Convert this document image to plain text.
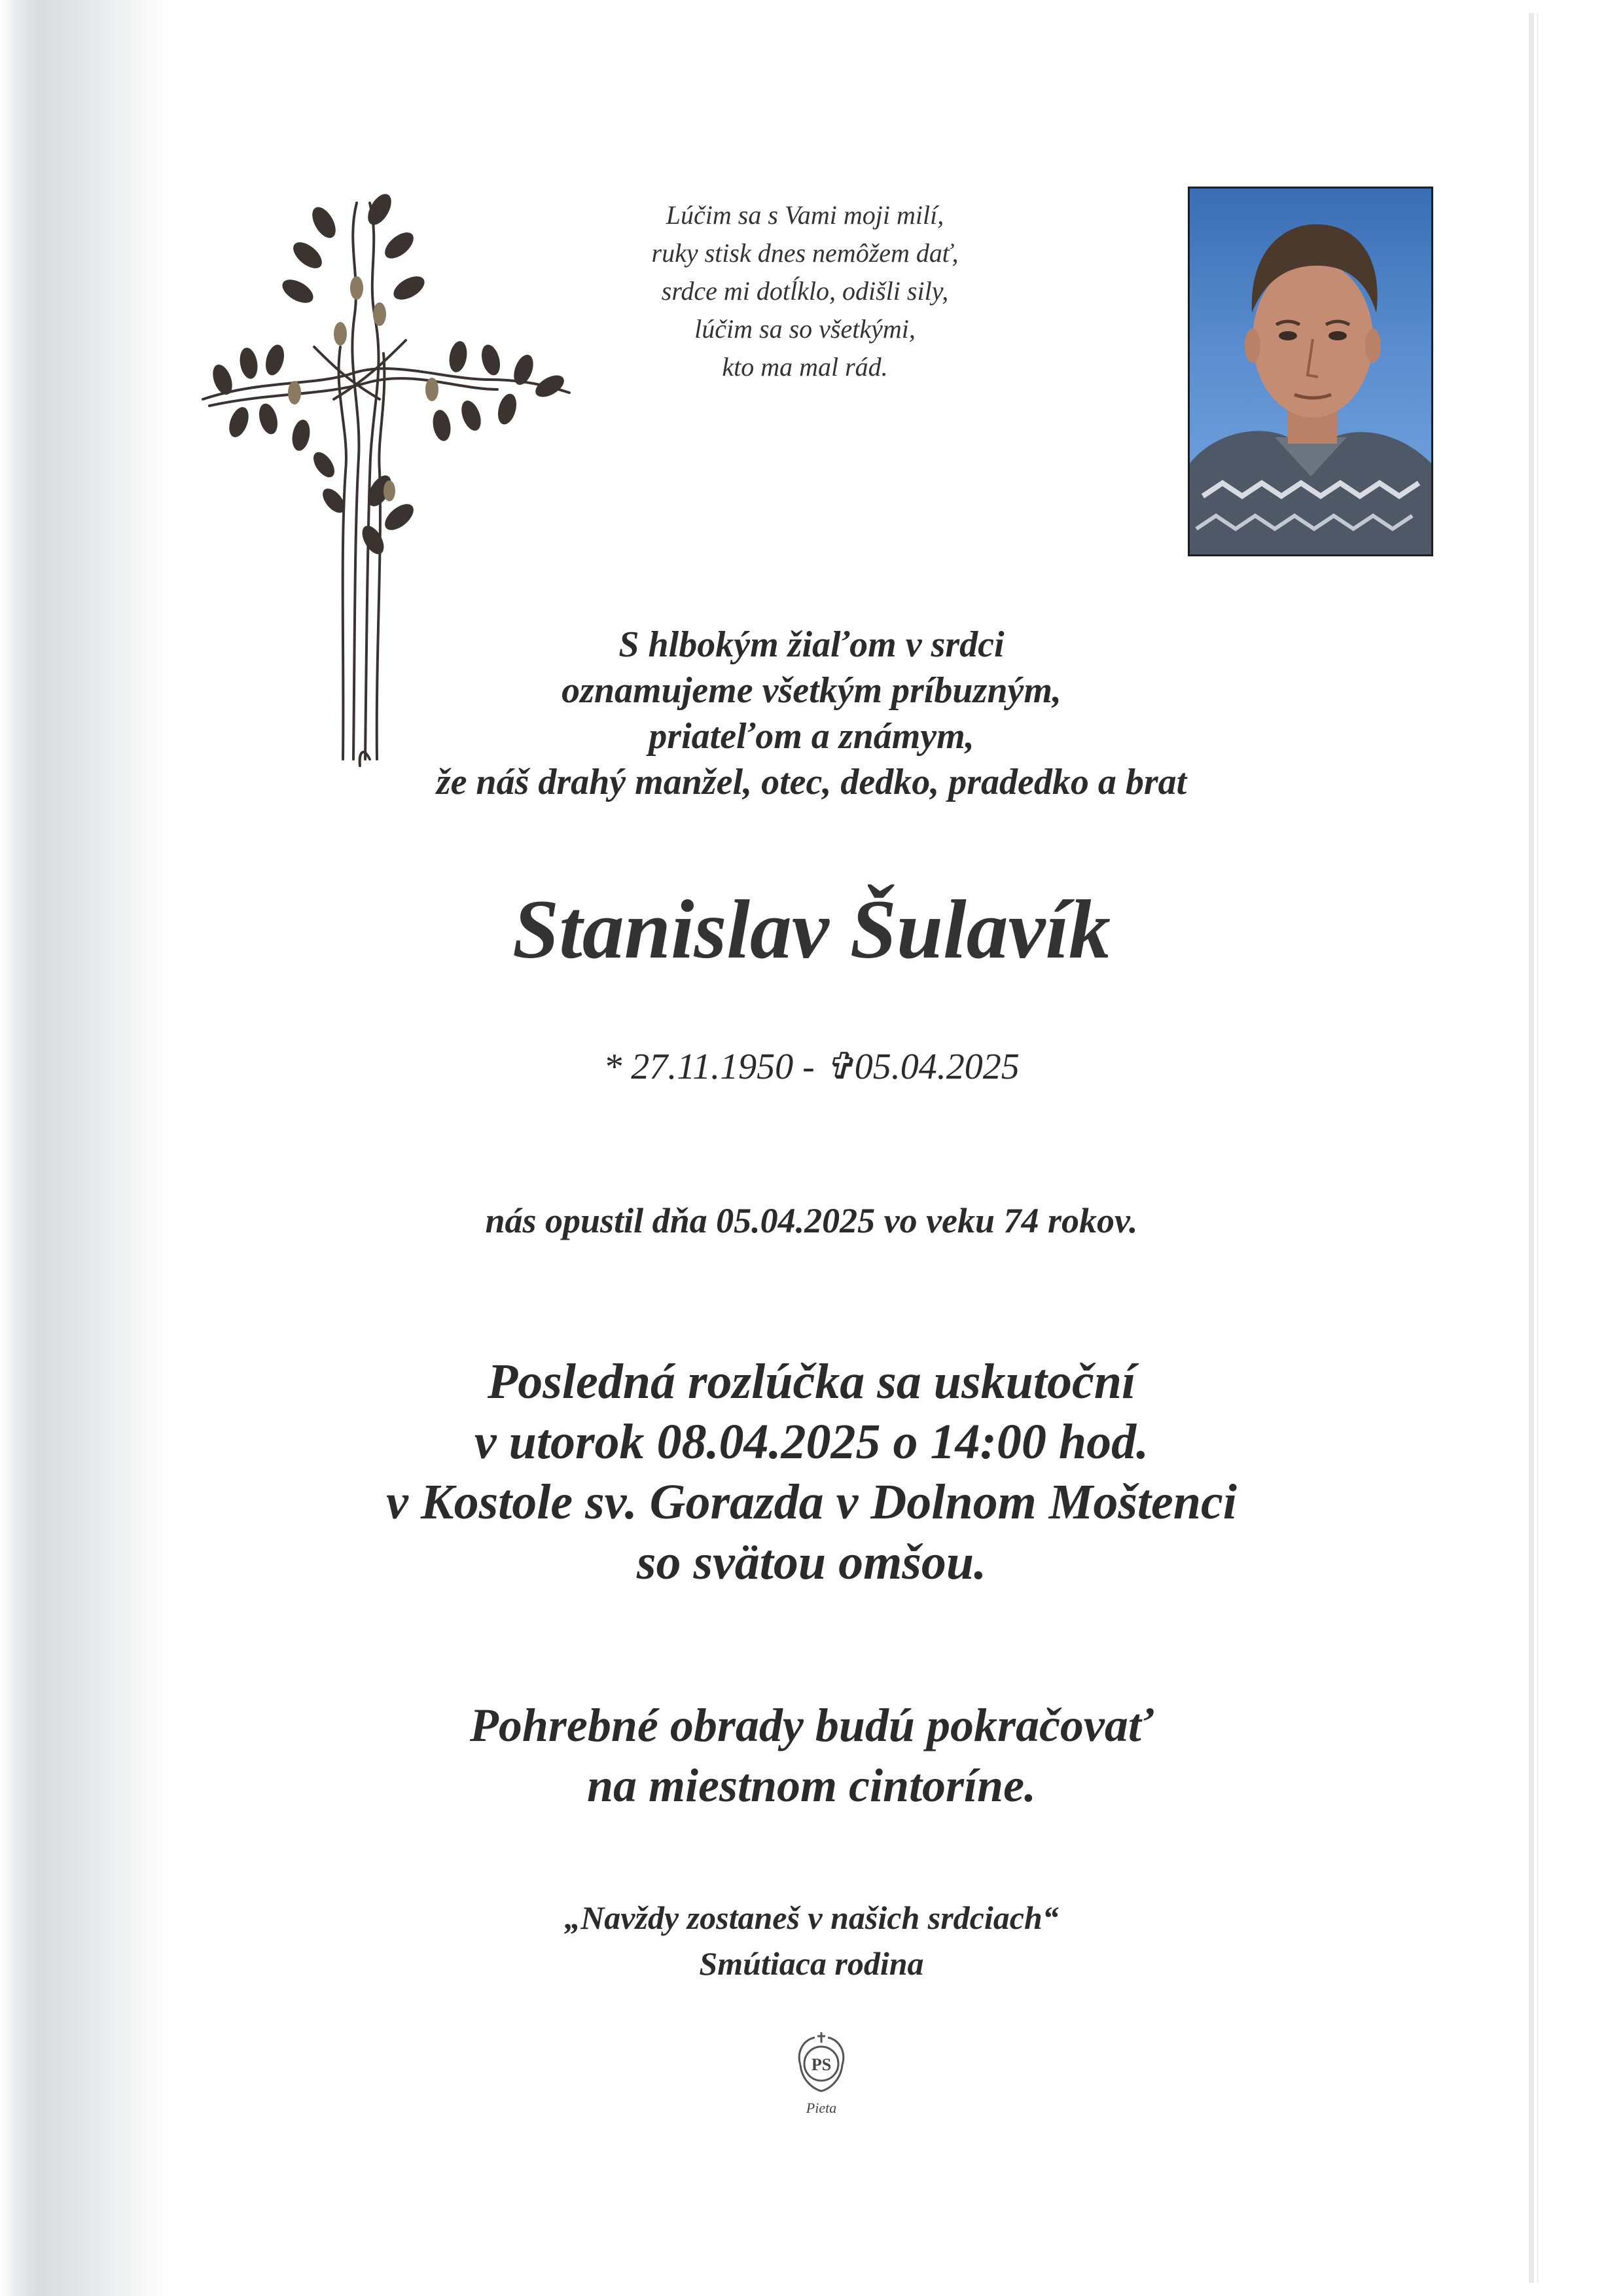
Lúčim sa s Vami moji milí,
ruky stisk dnes nemôžem dať,
srdce mi dotĺklo, odišli sily,
lúčim sa so všetkými,
kto ma mal rád.
S hlbokým žiaľom v srdci
oznamujeme všetkým príbuzným,
priateľom a známym,
že náš drahý manžel, otec, dedko, pradedko a brat
Stanislav Šulavík
* 27.11.1950 - ✞05.04.2025
nás opustil dňa 05.04.2025 vo veku 74 rokov.
Posledná rozlúčka sa uskutoční
v utorok 08.04.2025 o 14:00 hod.
v Kostole sv. Gorazda v Dolnom Moštenci
so svätou omšou.
Pohrebné obrady budú pokračovať
na miestnom cintoríne.
„Navždy zostaneš v našich srdciach“
Smútiaca rodina
PS
Pieta
